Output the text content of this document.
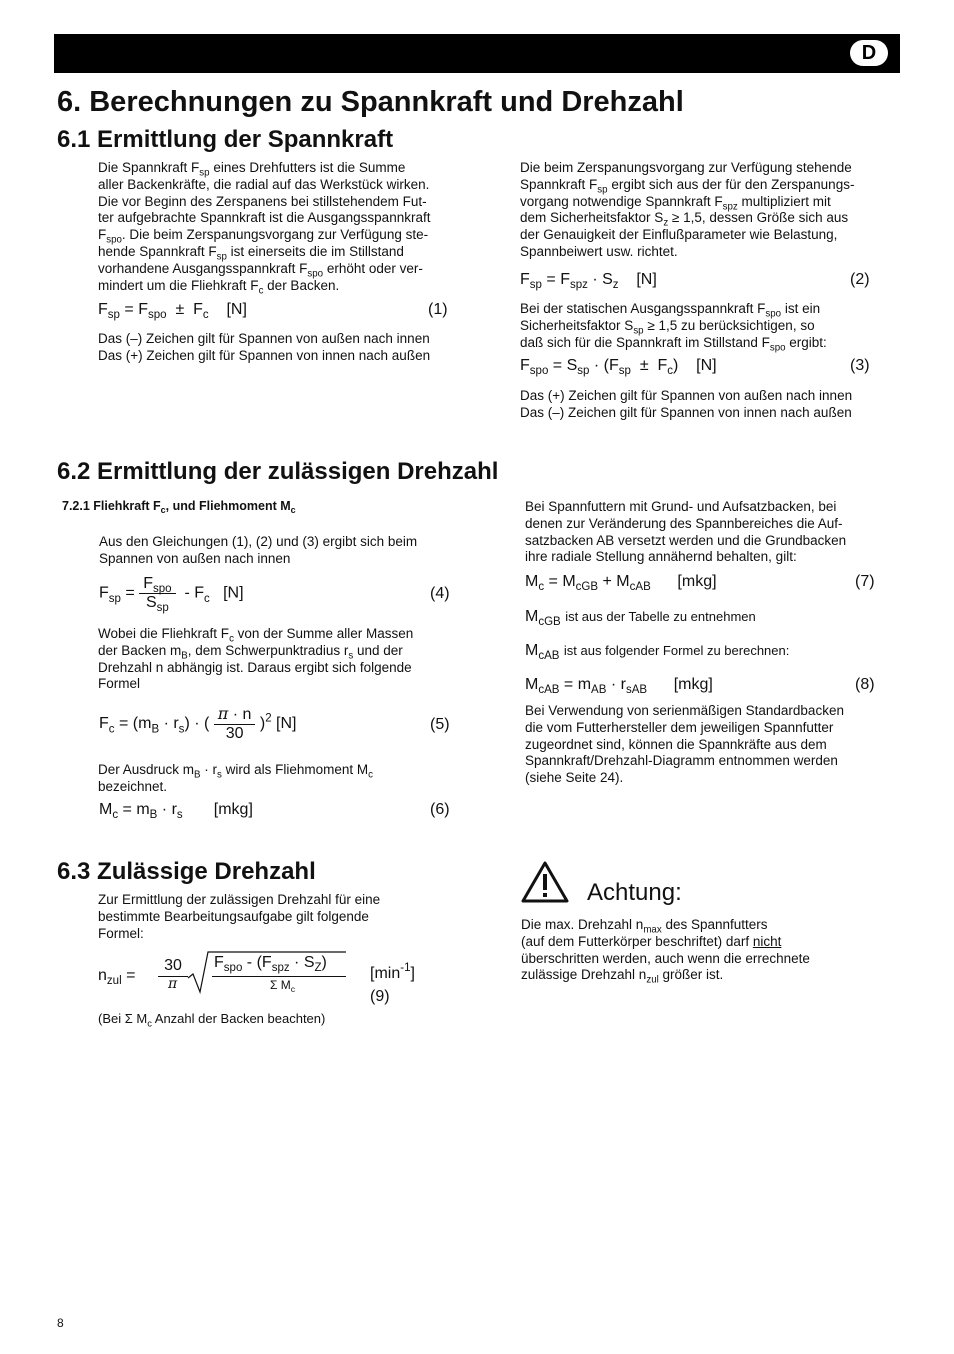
D
6. Berechnungen zu Spannkraft und Drehzahl
6.1 Ermittlung der Spannkraft
Die Spannkraft $F_{sp}$ eines Drehfutters ist die Summe
aller Backenkräfte, die radial auf das Werkstück wirken.
Die vor Beginn des Zerspanens bei stillstehendem Fut-
ter aufgebrachte Spannkraft ist die Ausgangsspannkraft
$F_{spo}$. Die beim Zerspanungsvorgang zur Verfügung ste-
hende Spannkraft $F_{sp}$ ist einerseits die im Stillstand
vorhandene Ausgangsspannkraft $F_{spo}$ erhöht oder ver-
mindert um die Fliehkraft $F_c$ der Backen.
$F_{sp} = F_{spo} \pm F_c$    [N]	(1)
Das (–) Zeichen gilt für Spannen von außen nach innen
Das (+) Zeichen gilt für Spannen von innen nach außen
Die beim Zerspanungsvorgang zur Verfügung stehende
Spannkraft $F_{sp}$ ergibt sich aus der für den Zerspanungs-
vorgang notwendige Spannkraft $F_{spz}$ multipliziert mit
dem Sicherheitsfaktor $S_z \ge 1,5$, dessen Größe sich aus
der Genauigkeit der Einflußparameter wie Belastung,
Spannbeiwert usw. richtet.
$F_{sp} = F_{spz} \cdot S_z$    [N]	(2)
Bei der statischen Ausgangsspannkraft $F_{spo}$ ist ein
Sicherheitsfaktor $S_{sp} \ge 1,5$ zu berücksichtigen, so
daß sich für die Spannkraft im Stillstand $F_{spo}$ ergibt:
$F_{spo} = S_{sp} \cdot (F_{sp} \pm F_c)$    [N]	(3)
Das (+) Zeichen gilt für Spannen von außen nach innen
Das (–) Zeichen gilt für Spannen von innen nach außen
6.2 Ermittlung der zulässigen Drehzahl
7.2.1 Fliehkraft $F_c$, und Fliehmoment $M_c$
Aus den Gleichungen (1), (2) und (3) ergibt sich beim
Spannen von außen nach innen
$F_{sp} = \frac{F_{spo}}{S_{sp}} - F_c$   [N]	(4)
Wobei die Fliehkraft $F_c$ von der Summe aller Massen
der Backen $m_B$, dem Schwerpunktradius $r_s$ und der
Drehzahl n abhängig ist. Daraus ergibt sich folgende
Formel
$F_c = (m_B \cdot r_s)$ · ( $\frac{\pi \cdot n}{30} )^2$ [N]	(5)
Der Ausdruck $m_B \cdot r_s$ wird als Fliehmoment $M_c$
bezeichnet.
$M_c = m_B \cdot r_s$       [mkg]	(6)
Bei Spannfuttern mit Grund- und Aufsatzbacken, bei
denen zur Veränderung des Spannbereiches die Auf-
satzbacken AB versetzt werden und die Grundbacken
ihre radiale Stellung annähernd behalten, gilt:
$M_c = M_{cGB} + M_{cAB}$      [mkg]	(7)
$M_{cGB}$ ist aus der Tabelle zu entnehmen
$M_{cAB}$ ist aus folgender Formel zu berechnen:
$M_{cAB} = m_{AB} \cdot r_{sAB}$      [mkg]	(8)
Bei Verwendung von serienmäßigen Standardbacken
die vom Futterhersteller dem jeweiligen Spannfutter
zugeordnet sind, können die Spannkräfte aus dem
Spannkraft/Drehzahl-Diagramm entnommen werden
(siehe Seite 24).
6.3 Zulässige Drehzahl
Zur Ermittlung der zulässigen Drehzahl für eine
bestimmte Bearbeitungsaufgabe gilt folgende
Formel:
$n_{zul}$ =
30
π
$F_{spo} - (F_{spz} \cdot S_Z)$
Σ $M_c$
$[\min^{-1}]$
(9)
(Bei Σ $M_c$ Anzahl der Backen beachten)
Achtung:
Die max. Drehzahl $n_{max}$ des Spannfutters
(auf dem Futterkörper beschriftet) darf nicht
überschritten werden, auch wenn die errechnete
zulässige Drehzahl $n_{zul}$ größer ist.
8
